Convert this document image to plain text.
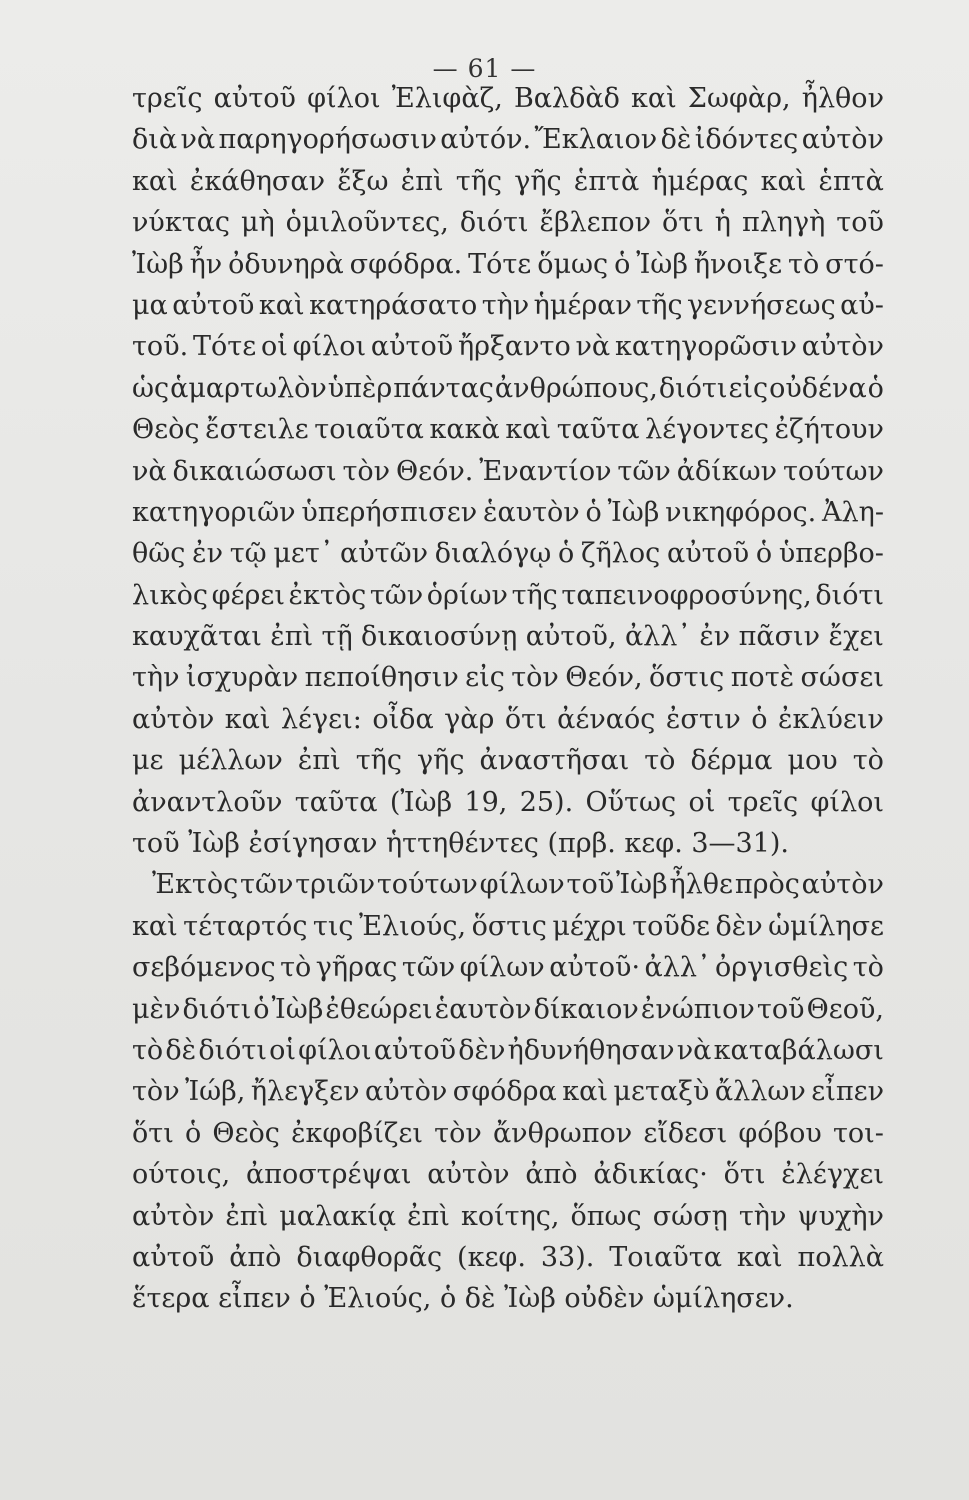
— 61 —
τρεῖς αὐτοῦ φίλοι Ἐλιφὰζ, Βαλδὰδ καὶ Σωφὰρ, ἦλθον
διὰ νὰ παρηγορήσωσιν αὐτόν. Ἔκλαιον δὲ ἰδόντες αὐτὸν
καὶ ἐκάθησαν ἔξω ἐπὶ τῆς γῆς ἑπτὰ ἡμέρας καὶ ἑπτὰ
νύκτας μὴ ὁμιλοῦντες, διότι ἔβλεπον ὅτι ἡ πληγὴ τοῦ
Ἰὼβ ἦν ὀδυνηρὰ σφόδρα. Τότε ὅμως ὁ Ἰὼβ ἤνοιξε τὸ στό-
μα αὐτοῦ καὶ κατηράσατο τὴν ἡμέραν τῆς γεννήσεως αὐ-
τοῦ. Τότε οἱ φίλοι αὐτοῦ ἤρξαντο νὰ κατηγορῶσιν αὐτὸν
ὡς ἁμαρτωλὸν ὑπὲρ πάντας ἀνθρώπους, διότι εἰς οὐδένα ὁ
Θεὸς ἔστειλε τοιαῦτα κακὰ καὶ ταῦτα λέγοντες ἐζήτουν
νὰ δικαιώσωσι τὸν Θεόν. Ἐναντίον τῶν ἀδίκων τούτων
κατηγοριῶν ὑπερήσπισεν ἑαυτὸν ὁ Ἰὼβ νικηφόρος. Ἀλη-
θῶς ἐν τῷ μετ᾽ αὐτῶν διαλόγῳ ὁ ζῆλος αὐτοῦ ὁ ὑπερβο-
λικὸς φέρει ἐκτὸς τῶν ὁρίων τῆς ταπεινοφροσύνης, διότι
καυχᾶται ἐπὶ τῇ δικαιοσύνῃ αὐτοῦ, ἀλλ᾽ ἐν πᾶσιν ἔχει
τὴν ἰσχυρὰν πεποίθησιν εἰς τὸν Θεόν, ὅστις ποτὲ σώσει
αὐτὸν καὶ λέγει: οἶδα γὰρ ὅτι ἀέναός ἐστιν ὁ ἐκλύειν
με μέλλων ἐπὶ τῆς γῆς ἀναστῆσαι τὸ δέρμα μου τὸ
ἀναντλοῦν ταῦτα (Ἰὼβ 19, 25). Οὕτως οἱ τρεῖς φίλοι
τοῦ Ἰὼβ ἐσίγησαν ἡττηθέντες (πρβ. κεφ. 3—31).
Ἐκτὸς τῶν τριῶν τούτων φίλων τοῦ Ἰὼβ ἦλθε πρὸς αὐτὸν
καὶ τέταρτός τις Ἐλιούς, ὅστις μέχρι τοῦδε δὲν ὡμίλησε
σεβόμενος τὸ γῆρας τῶν φίλων αὐτοῦ· ἀλλ᾽ ὀργισθεὶς τὸ
μὲν διότι ὁ Ἰὼβ ἐθεώρει ἑαυτὸν δίκαιον ἐνώπιον τοῦ Θεοῦ,
τὸ δὲ διότι οἱ φίλοι αὐτοῦ δὲν ἠδυνήθησαν νὰ καταβάλωσι
τὸν Ἰώβ, ἤλεγξεν αὐτὸν σφόδρα καὶ μεταξὺ ἄλλων εἶπεν
ὅτι ὁ Θεὸς ἐκφοβίζει τὸν ἄνθρωπον εἴδεσι φόβου τοι-
ούτοις, ἀποστρέψαι αὐτὸν ἀπὸ ἀδικίας· ὅτι ἐλέγχει
αὐτὸν ἐπὶ μαλακίᾳ ἐπὶ κοίτης, ὅπως σώσῃ τὴν ψυχὴν
αὐτοῦ ἀπὸ διαφθορᾶς (κεφ. 33). Τοιαῦτα καὶ πολλὰ
ἕτερα εἶπεν ὁ Ἐλιούς, ὁ δὲ Ἰὼβ οὐδὲν ὡμίλησεν.
